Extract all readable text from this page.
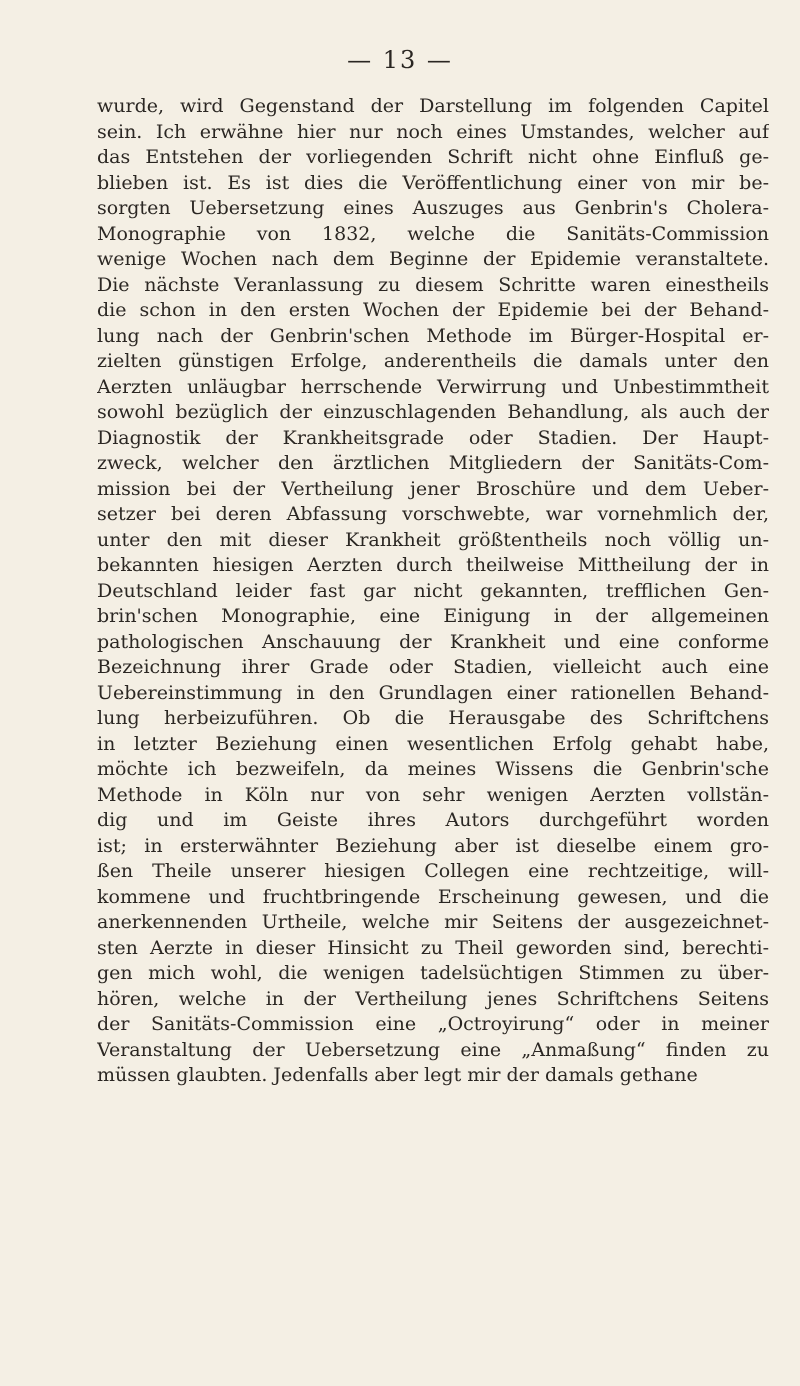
— 13 —
wurde, wird Gegenstand der Darstellung im folgenden Capitel
sein. Ich erwähne hier nur noch eines Umstandes, welcher auf
das Entstehen der vorliegenden Schrift nicht ohne Einfluß ge-
blieben ist. Es ist dies die Veröffentlichung einer von mir be-
sorgten Uebersetzung eines Auszuges aus Genbrin's Cholera-
Monographie von 1832, welche die Sanitäts-Commission
wenige Wochen nach dem Beginne der Epidemie veranstaltete.
Die nächste Veranlassung zu diesem Schritte waren einestheils
die schon in den ersten Wochen der Epidemie bei der Behand-
lung nach der Genbrin'schen Methode im Bürger-Hospital er-
zielten günstigen Erfolge, anderentheils die damals unter den
Aerzten unläugbar herrschende Verwirrung und Unbestimmtheit
sowohl bezüglich der einzuschlagenden Behandlung, als auch der
Diagnostik der Krankheitsgrade oder Stadien. Der Haupt-
zweck, welcher den ärztlichen Mitgliedern der Sanitäts-Com-
mission bei der Vertheilung jener Broschüre und dem Ueber-
setzer bei deren Abfassung vorschwebte, war vornehmlich der,
unter den mit dieser Krankheit größtentheils noch völlig un-
bekannten hiesigen Aerzten durch theilweise Mittheilung der in
Deutschland leider fast gar nicht gekannten, trefflichen Gen-
brin'schen Monographie, eine Einigung in der allgemeinen
pathologischen Anschauung der Krankheit und eine conforme
Bezeichnung ihrer Grade oder Stadien, vielleicht auch eine
Uebereinstimmung in den Grundlagen einer rationellen Behand-
lung herbeizuführen. Ob die Herausgabe des Schriftchens
in letzter Beziehung einen wesentlichen Erfolg gehabt habe,
möchte ich bezweifeln, da meines Wissens die Genbrin'sche
Methode in Köln nur von sehr wenigen Aerzten vollstän-
dig und im Geiste ihres Autors durchgeführt worden
ist; in ersterwähnter Beziehung aber ist dieselbe einem gro-
ßen Theile unserer hiesigen Collegen eine rechtzeitige, will-
kommene und fruchtbringende Erscheinung gewesen, und die
anerkennenden Urtheile, welche mir Seitens der ausgezeichnet-
sten Aerzte in dieser Hinsicht zu Theil geworden sind, berechti-
gen mich wohl, die wenigen tadelsüchtigen Stimmen zu über-
hören, welche in der Vertheilung jenes Schriftchens Seitens
der Sanitäts-Commission eine „Octroyirung“ oder in meiner
Veranstaltung der Uebersetzung eine „Anmaßung“ finden zu
müssen glaubten. Jedenfalls aber legt mir der damals gethane
